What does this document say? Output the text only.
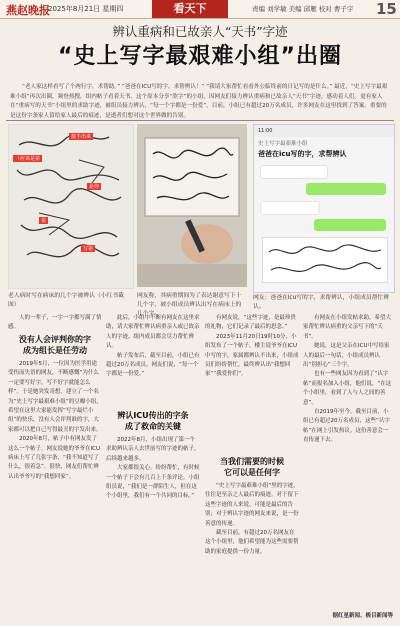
燕赵晚报
2025年8月21日 星期四	看天下	责编 刘学敏 美编 邱雁 校对 曹子宇 15
辨认重病和已故亲人“天书”字迹
“史上写字最艰难小组”出圈
“老人家这样看写了个两行字，求帮助。” “爸爸在ICU写的字，求帮辨认！” “我请大家帮忙看看外公临终前的日记写的是什么。” 最近，“史上写字最艰难小组”再次出圈，频登热搜，组内帖子看着天书，这个原本分享“欣字”的小组，因网友们接力辨认重病和已故亲人“天书”字迹，感动着人们。更有家人在“重病写的天书”小组里的求助字迹，被组员接力辨认，“每一个字都是一份爱”。目前，小组已有超过20万名成员，许多网友在这里找到了答案。重要的是这份字条家人留给家人最后的痕迹，是逝者们想对这个世界做的告别。
接手出来
（应该是第
是你
说
写第
老人病时写在病床的几个字被辨认（小红书截图）
网友称，其病重期间为了表达谢意写下十几个字，被小组成员辨认出写在病床上的几个字。
11:00
史上写字最艰难小组
爸爸在icu写的字，求帮辨认
网友：爸爸在icu写的字，求帮辨认，小组成员帮忙辨认。

人的一辈子，一字一字都写满了情感。

没有人会评判你的字
成为组长是任劳动

2019年5月，一位因为医学用途受伤而失语的网友，不断感慨“为什么一定要写好字，写不好字就能怎么样”。于是她突发奇想，建立了一个名为“史上写字最艰难小组”的豆瓣小组，希望在这里大家能发挥“写字最烂小组”的快乐，没有人会评判谁的字，大家都可以把自己写得最丑的字发出来。

2020年8月，帖子中有网友发了这么一个帖子，网友说她的爷爷在ICU病床上写了几张字条，“我不知道写了什么，很着急”。很快，网友们帮忙辨认出爷爷写的“我想回家”。

此后，小组中不断有网友在这里求助，请大家帮忙辨认病重亲人或已故亲人的字迹。组内成员都会尽力帮忙辨认。

帖子发布后，截至目前，小组已有超过20万名成员。网友们说，“每一个字都是一份爱。”

辨认ICU传出的字条
成了救命的关键

2022年8月，小组出现了第一个求助辨认亲人去世前写的字迹的帖子，后续越来越多。

大家都很关心，纷纷帮忙，有时候一个帖子下会有几百上千条评论。小组组员说，“我们是一群陌生人，但在这个小组里，我们有一个共同的目标。”

有网友说，“这些字迹，是最珍贵的礼物，它们记录了最后的思念。”

2023年11月20日19时10分，小组发布了一个帖子，楼主说爷爷在ICU中写的字，家属都辨认不出来，小组成员们纷纷帮忙，最终辨认出“我想回家”“我爱你们”。

当我们需要的时候
它可以是任何字

“史上写字最艰难小组”里的字迹，往往是至亲之人最后的痕迹。对于留下这些字迹的人来说，可能是最后的告别；对于辨认字迹的网友来说，是一份善意的传递。

截至目前，有超过20万名网友在这个小组里，他们希望能为这些需要帮助的家庭提供一份力量。

有网友在小组发帖求助，希望大家帮忙辨认病重的父亲写下的“天书”。

她说，这是父亲在ICU中写给家人的最后一句话，小组成员辨认出“别担心”三个字。

也有一些网友因为看到了“认字帖”而报名加入小组，他们说，“在这个小组里，看到了人与人之间的善意”。

自2019年至今，截至目前，小组已有超过20万名成员，这些“认字帖”在网上引发热议。这份善意会一直传递下去。

据红星新闻、极目新闻等
